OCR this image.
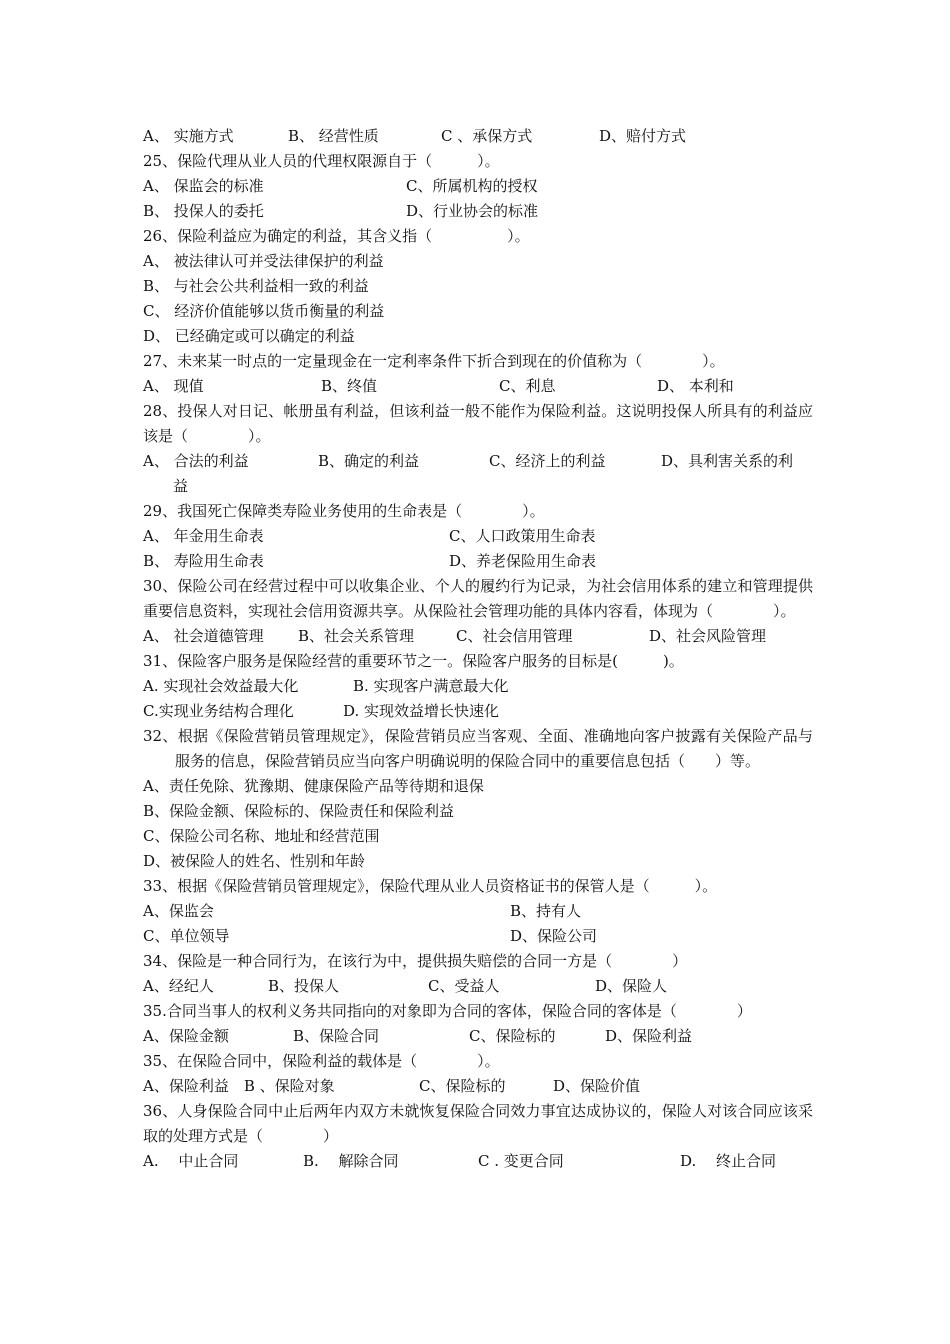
A、 实施方式	B、 经营性质	C 、承保方式	D、赔付方式
25、保险代理从业人员的代理权限源自于（　　　）。
A、 保监会的标准	C、所属机构的授权
B、 投保人的委托	D、行业协会的标准
26、保险利益应为确定的利益，其含义指（　　　　　）。
A、 被法律认可并受法律保护的利益
B、 与社会公共利益相一致的利益
C、 经济价值能够以货币衡量的利益
D、 已经确定或可以确定的利益
27、未来某一时点的一定量现金在一定利率条件下折合到现在的价值称为（　　　　）。
A、 现值	B、终值	C、利息	D、 本利和
28、投保人对日记、帐册虽有利益，但该利益一般不能作为保险利益。这说明投保人所具有的利益应该是（　　　　）。
A、 合法的利益	B、确定的利益	C、经济上的利益	D、具利害关系的利
益
29、我国死亡保障类寿险业务使用的生命表是（　　　　）。
A、 年金用生命表	C、人口政策用生命表
B、 寿险用生命表	D、养老保险用生命表
30、保险公司在经营过程中可以收集企业、个人的履约行为记录，为社会信用体系的建立和管理提供重要信息资料，实现社会信用资源共享。从保险社会管理功能的具体内容看，体现为（　　　　）。
A、 社会道德管理 B、社会关系管理	C、社会信用管理	D、社会风险管理
31、保险客户服务是保险经营的重要环节之一。保险客户服务的目标是(　　　)。
A. 实现社会效益最大化	B. 实现客户满意最大化
C.实现业务结构合理化	D. 实现效益增长快速化
32、根据《保险营销员管理规定》，保险营销员应当客观、全面、准确地向客户披露有关保险产品与服务的信息，保险营销员应当向客户明确说明的保险合同中的重要信息包括（　　）等。
A、责任免除、犹豫期、健康保险产品等待期和退保
B、保险金额、保险标的、保险责任和保险利益
C、保险公司名称、地址和经营范围
D、被保险人的姓名、性别和年龄
33、根据《保险营销员管理规定》，保险代理从业人员资格证书的保管人是（　　　）。
A、保监会	B、持有人
C、单位领导	D、保险公司
34、保险是一种合同行为，在该行为中，提供损失赔偿的合同一方是（　　　　）
A、经纪人	B、投保人	C、受益人	D、保险人
35.合同当事人的权利义务共同指向的对象即为合同的客体，保险合同的客体是（　　　　）
A、保险金额	B、保险合同	C、保险标的	D、保险利益
35、在保险合同中，保险利益的载体是（　　　　）。
A、保险利益　B 、保险对象	C、保险标的	D、保险价值
36、人身保险合同中止后两年内双方未就恢复保险合同效力事宜达成协议的，保险人对该合同应该采取的处理方式是（　　　　）
A.　 中止合同	B.　 解除合同	C . 变更合同	D.　 终止合同
